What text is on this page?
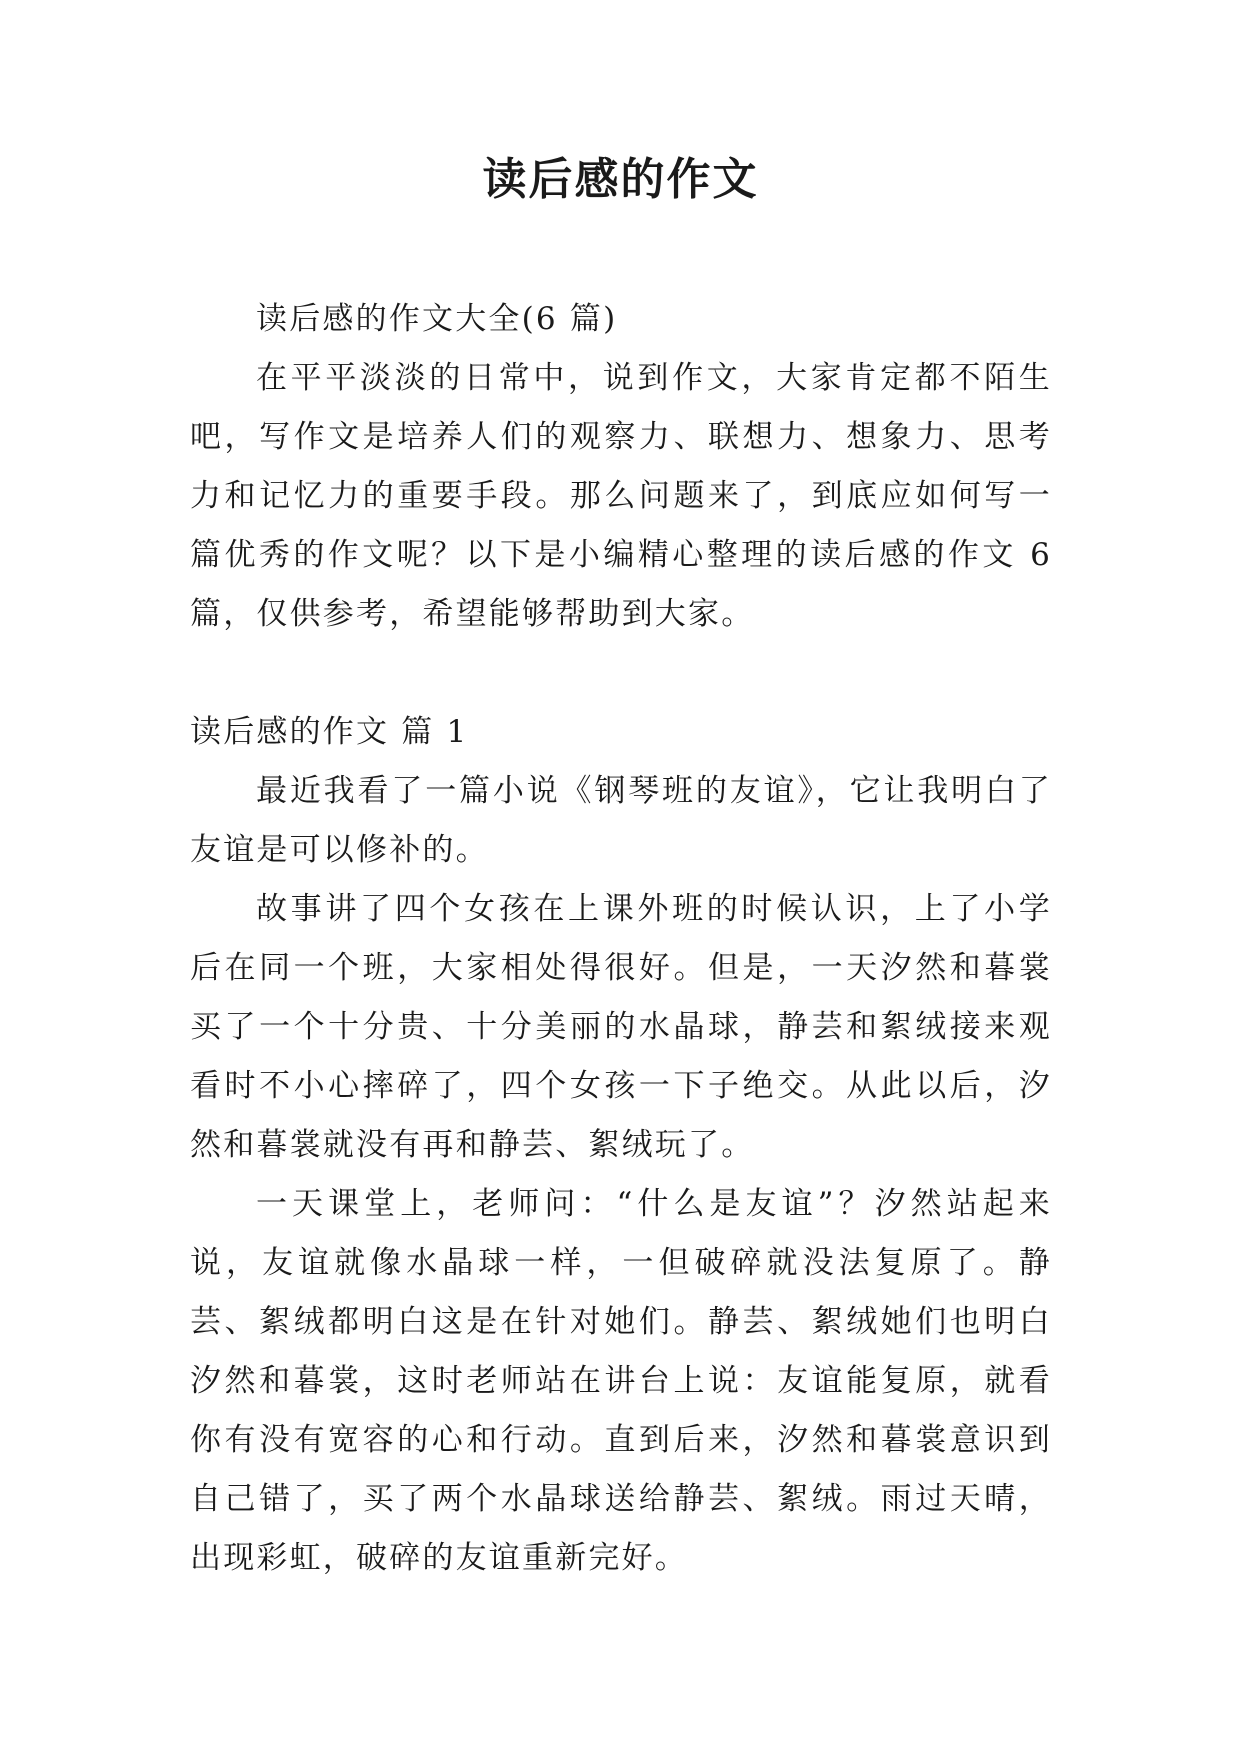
读后感的作文

读后感的作文大全(6 篇)

在平平淡淡的日常中，说到作文，大家肯定都不陌生吧，写作文是培养人们的观察力、联想力、想象力、思考力和记忆力的重要手段。那么问题来了，到底应如何写一篇优秀的作文呢？以下是小编精心整理的读后感的作文 6 篇，仅供参考，希望能够帮助到大家。

读后感的作文 篇 1

最近我看了一篇小说《钢琴班的友谊》，它让我明白了友谊是可以修补的。

故事讲了四个女孩在上课外班的时候认识，上了小学后在同一个班，大家相处得很好。但是，一天汐然和暮裳买了一个十分贵、十分美丽的水晶球，静芸和絮绒接来观看时不小心摔碎了，四个女孩一下子绝交。从此以后，汐然和暮裳就没有再和静芸、絮绒玩了。

一天课堂上，老师问：“什么是友谊”？汐然站起来说，友谊就像水晶球一样，一但破碎就没法复原了。静芸、絮绒都明白这是在针对她们。静芸、絮绒她们也明白汐然和暮裳，这时老师站在讲台上说：友谊能复原，就看你有没有宽容的心和行动。直到后来，汐然和暮裳意识到自己错了，买了两个水晶球送给静芸、絮绒。雨过天晴，出现彩虹，破碎的友谊重新完好。
